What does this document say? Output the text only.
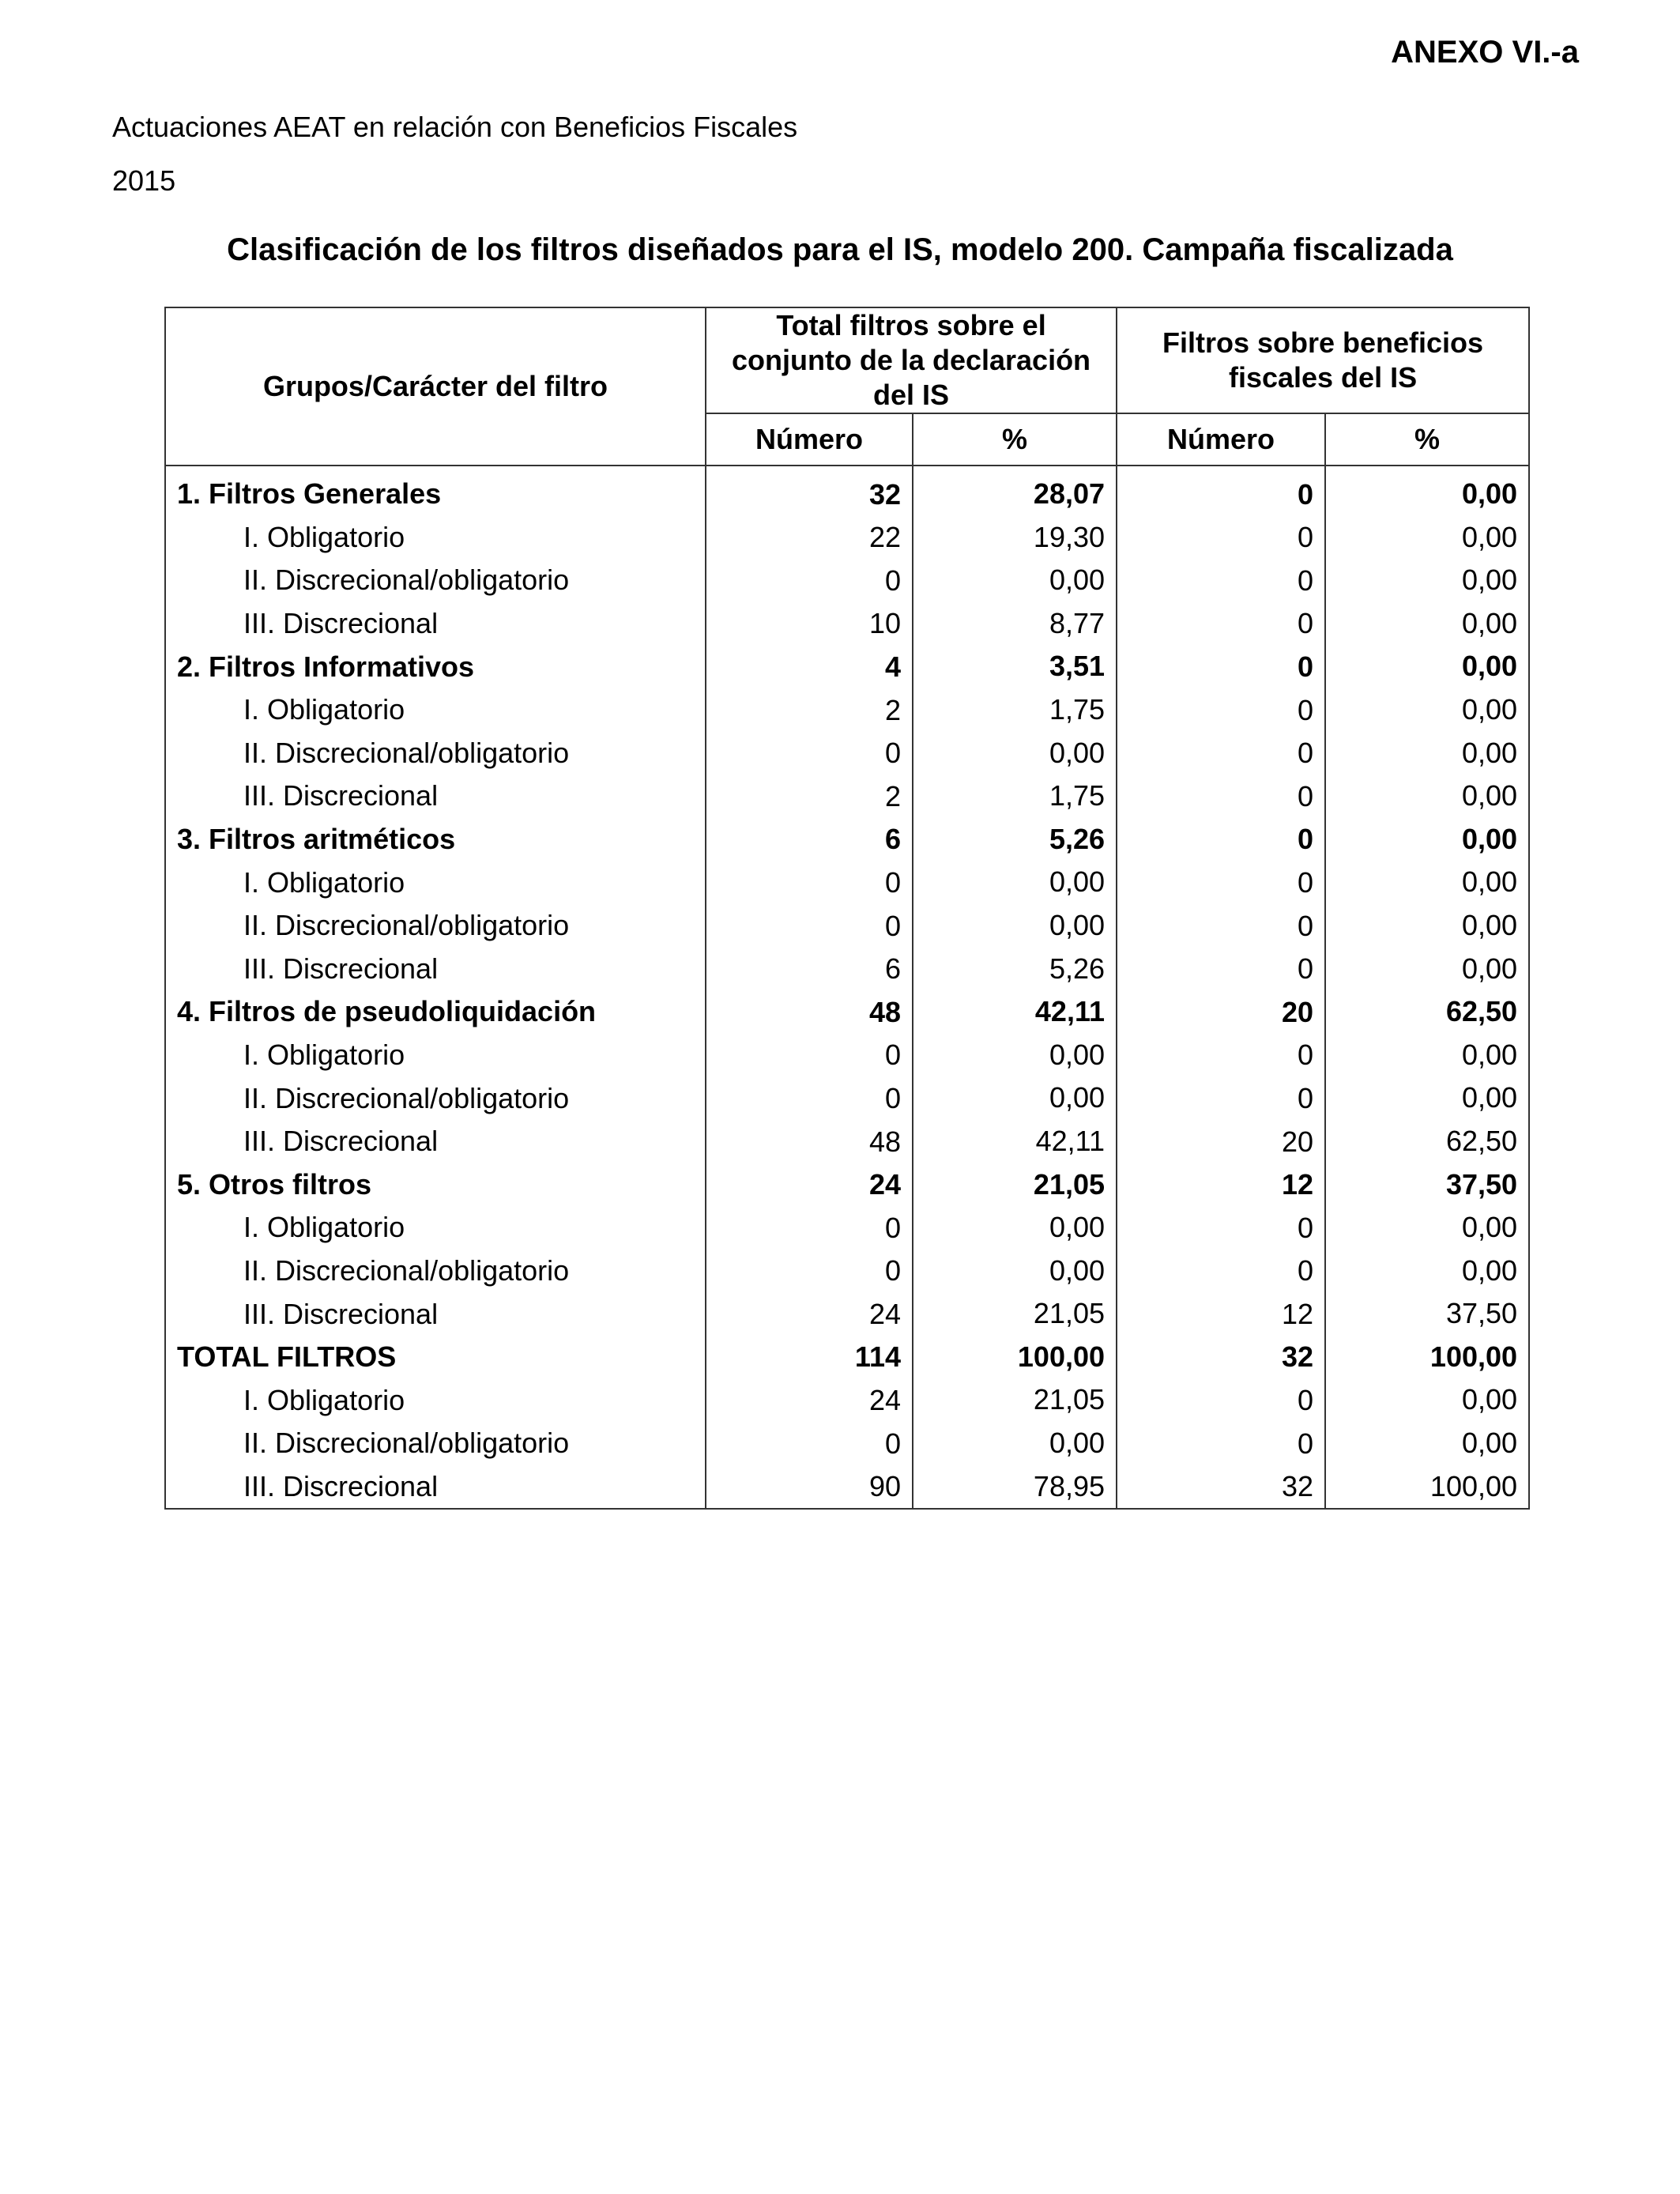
ANEXO VI.-a

Actuaciones AEAT en relación con Beneficios Fiscales

2015

Clasificación de los filtros diseñados para el IS, modelo 200. Campaña fiscalizada
Grupos/Carácter del filtro	Total filtros sobre el conjunto de la declaración del IS		Filtros sobre beneficios fiscales del IS	
	Número	%	Número	%
1. Filtros Generales	32	28,07	0	0,00
I. Obligatorio	22	19,30	0	0,00
II. Discrecional/obligatorio	0	0,00	0	0,00
III. Discrecional	10	8,77	0	0,00
2. Filtros Informativos	4	3,51	0	0,00
I. Obligatorio	2	1,75	0	0,00
II. Discrecional/obligatorio	0	0,00	0	0,00
III. Discrecional	2	1,75	0	0,00
3. Filtros aritméticos	6	5,26	0	0,00
I. Obligatorio	0	0,00	0	0,00
II. Discrecional/obligatorio	0	0,00	0	0,00
III. Discrecional	6	5,26	0	0,00
4. Filtros de pseudoliquidación	48	42,11	20	62,50
I. Obligatorio	0	0,00	0	0,00
II. Discrecional/obligatorio	0	0,00	0	0,00
III. Discrecional	48	42,11	20	62,50
5. Otros filtros	24	21,05	12	37,50
I. Obligatorio	0	0,00	0	0,00
II. Discrecional/obligatorio	0	0,00	0	0,00
III. Discrecional	24	21,05	12	37,50
TOTAL FILTROS	114	100,00	32	100,00
I. Obligatorio	24	21,05	0	0,00
II. Discrecional/obligatorio	0	0,00	0	0,00
III. Discrecional	90	78,95	32	100,00
